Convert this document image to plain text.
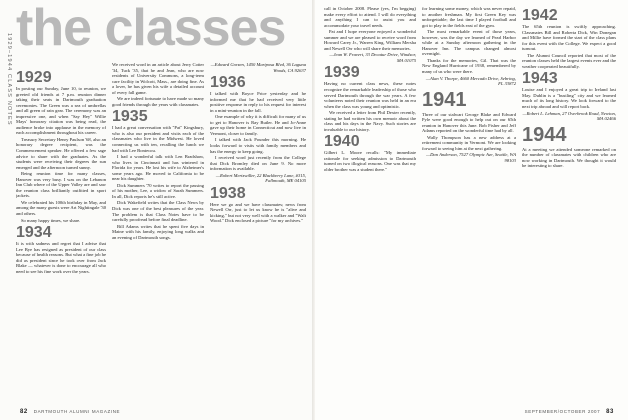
1929–1944 CLASS NOTES
the classes
1929

In posting our Sunday, June 10, to reunion, we greeted old friends at 7 p.m. reunion dinner taking their seats in Dartmouth graduation ceremonies. The Green was a sea of umbrellas and all green of rain gear. The ceremony was an impressive one, and when "Say Hey" Willie Mays' honorary citation was being read, the audience broke into applause in the memory of each accomplishment throughout his career.

Treasury Secretary Henry Paulson '68, also an honorary degree recipient, was the Commencement speaker. He offered a few sage advice to share with the graduates. As the students were receiving their degrees the sun emerged and the afternoon turned sunny.

Being reunion time for many classes, Hanover was very busy. I was on the Lebanon Inn Club where of the Upper Valley are and saw the reunion class brilliantly outfitted in sport jackets.

We celebrated his 100th birthday in May, and among the many guests were Art Nightingale '30 and others.

So many happy times, we share.

1934

It is with sadness and regret that I advise that Lee Bye has resigned as president of our class because of health reasons. But what a fine job he did as president since he took over from Jack Blake — whatever is done to encourage all who need to see his fine work over the years.

We received word in an article about Jerry Cotter '34, Tuck '35, that he and Jean, who are now residents of University Commons, a long-term care facility in Wolcott, Mass., are doing fine. As a lover, he has given his wife a detailed account of every fall game.

We are indeed fortunate to have made so many good friends through the years with classmates.

1935

I had a great conversation with "Pat" Kingsbury, who is also our president and visits each of the classmates who live in the Midwest. He loved connecting us with ten, recalling the lunch we had with Lee Bontecou.

I had a wonderful talk with Len Bradshaw, who lives in Cincinnati and has wintered in Florida for years. He lost his wife to Alzheimer's some years ago. He moved to California to be near his daughter.

Dick Summers '70 writes to report the passing of his mother, Lee, a widow of Sarah Summers. In all, Dick reports he's still active.

Dick Wakefield writes that the Class News by Dick was one of the best pleasures of the year. The problem is that Class Notes have to be carefully proofread before final deadline.

Bill Adams writes that he spent five days in Maine with his family, enjoying long walks and an evening of Dartmouth songs.

—Edward Gorzen, 1450 Mariposa Blvd, 36 Laguna Woods, CA 92637

1936

I talked with Boyce Price yesterday and he informed me that he had received very little positive response in reply to his request for interest in a mini-reunion in the fall.

One example of why it is difficult for many of us to get to Hanover is Ray Butler. He and Jo-Anne gave up their home in Connecticut and now live in Vermont, closer to family.

I talked with Jack Pounder this morning. He looks forward to visits with family members and has the energy to keep going.

I received word just recently from the College that Dick Bromley died on June 9. No more information is available.

—Robert Mertzwiller, 22 Blackberry Lane, #315, Fallmouth, ME 04105

1938

Here we go and we have classmates; news from Newell Orr, just to let us know he is "alive and kicking," but not very well with a walker and "Walt Wood." Dick enclosed a picture "for my archives."

call in October 2008. Please (yes, I'm begging) make every effort to attend. I will do everything and anything I can to assist you and accommodate your travel needs.

Pat and I hope everyone enjoyed a wonderful summer and we are pleased to receive word from Howard Carey Jr., Warren King, William Mersha and Newell Orr who will share their memories.

—Jean W. Fravert, 33 Decatur Drive, Windsor, MA 01075

1939

Having no current class news, these notes recognize the remarkable leadership of those who served Dartmouth through the war years. A few volunteers noted their reunion was held in an era when the class was young and optimistic.

We received a letter from Phil Dexter recently, stating he had written his own memoir about the class and his days in the Navy. Such stories are invaluable to our history.

1940

Gilbert L. Moore recalls: "My immediate rationale for seeking admission to Dartmouth turned on two illogical reasons. One was that my older brother was a student there."

for learning some money, which was never repaid, to another freshman. My first Green Key was unforgettable; the last time I played football and got to play in the fields east of the gym.

The most remarkable event of those years, however, was the day we learned of Pearl Harbor while at a Sunday afternoon gathering in the Hanover Inn. The campus changed almost overnight.

Thanks for the memories, Gil. That was the New England Hurricane of 1938, remembered by many of us who were there.

—Alan V. Thorpe, 4660 Mercado Drive, Sebring, FL 33872

1941

Three of our stalwart George Blake and Edward Pyle were good enough to help out on our 65th reunion in Hanover this June. Bob Fisher and Jeff Adams reported on the wonderful time had by all.

Wally Thompson has a new address at a retirement community in Vermont. We are looking forward to seeing him at the next gathering.

—Dan Anderson, 7527 Olympic Ave, Seattle, WA 98103

1942

The 65th reunion is swiftly approaching. Classmates Bill and Roberta Dick, Win Donegan and Millie have formed the start of the class plans for this event with the College. We expect a good turnout.

The Alumni Council reported that most of the reunion classes held the largest events ever and the weather cooperated beautifully.

1943

Louise and I enjoyed a great trip to Ireland last May. Dublin is a "bustling" city and we learned much of its long history. We look forward to the next trip abroad and will report back.

—Robert L. Lehman, 27 Overbrook Road, Newton, MA 02466

1944

At a meeting we attended someone remarked on the number of classmates with children who are now working in Dartmouth. We thought it would be interesting to share.

82 DARTMOUTH ALUMNI MAGAZINE	SEPTEMBER/OCTOBER 2007 83
